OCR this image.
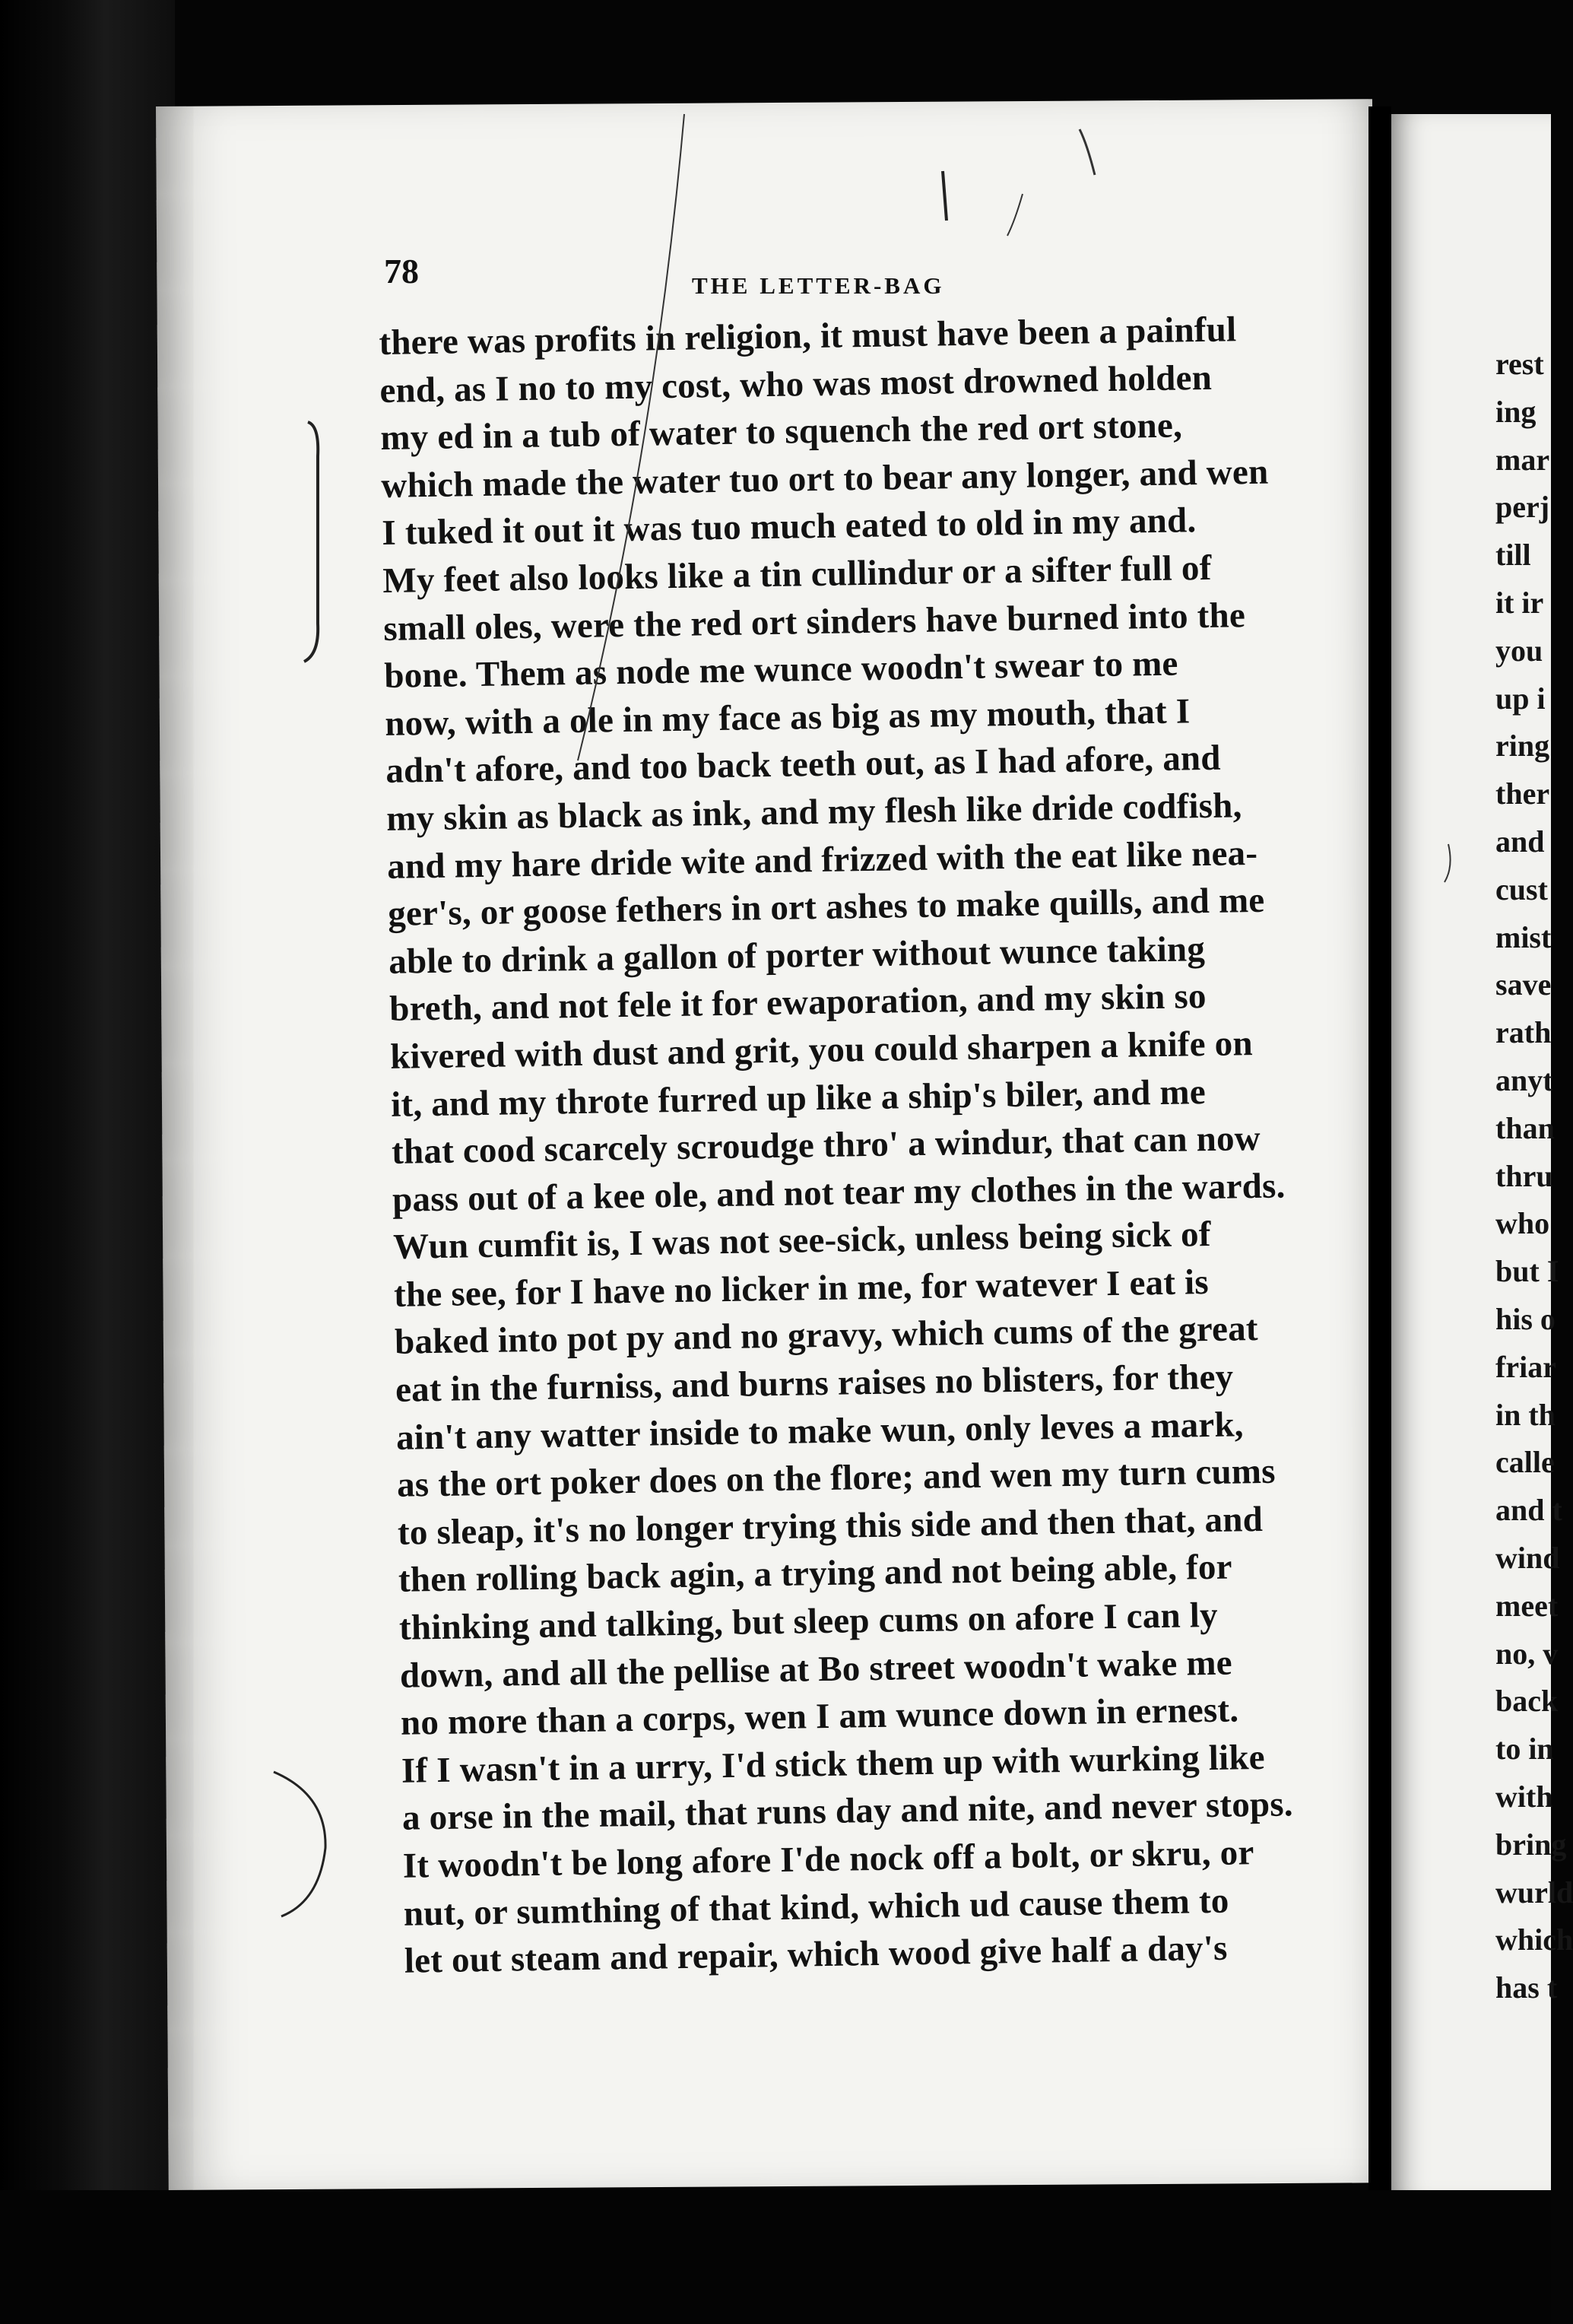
78	THE LETTER-BAG
there was profits in religion, it must have been a painful
end, as I no to my cost, who was most drowned holden
my ed in a tub of water to squench the red ort stone,
which made the water tuo ort to bear any longer, and wen
I tuked it out it was tuo much eated to old in my and.
My feet also looks like a tin cullindur or a sifter full of
small oles, were the red ort sinders have burned into the
bone. Them as node me wunce woodn't swear to me
now, with a ole in my face as big as my mouth, that I
adn't afore, and too back teeth out, as I had afore, and
my skin as black as ink, and my flesh like dride codfish,
and my hare dride wite and frizzed with the eat like nea-
ger's, or goose fethers in ort ashes to make quills, and me
able to drink a gallon of porter without wunce taking
breth, and not fele it for ewaporation, and my skin so
kivered with dust and grit, you could sharpen a knife on
it, and my throte furred up like a ship's biler, and me
that cood scarcely scroudge thro' a windur, that can now
pass out of a kee ole, and not tear my clothes in the wards.
Wun cumfit is, I was not see-sick, unless being sick of
the see, for I have no licker in me, for watever I eat is
baked into pot py and no gravy, which cums of the great
eat in the furniss, and burns raises no blisters, for they
ain't any watter inside to make wun, only leves a mark,
as the ort poker does on the flore; and wen my turn cums
to sleap, it's no longer trying this side and then that, and
then rolling back agin, a trying and not being able, for
thinking and talking, but sleep cums on afore I can ly
down, and all the pellise at Bo street woodn't wake me
no more than a corps, wen I am wunce down in ernest.
If I wasn't in a urry, I'd stick them up with wurking like
a orse in the mail, that runs day and nite, and never stops.
It woodn't be long afore I'de nock off a bolt, or skru, or
nut, or sumthing of that kind, which ud cause them to
let out steam and repair, which wood give half a day's
rest
ing
mar
perj
till
it ir
you
up i
ring
ther
and
cust
mist
save
rath
anyt
than
thru
who
but I
his o
friar
in th
calle
and t
wind
meet
no, v
back
to in
with
bring
wurld
which
has t
